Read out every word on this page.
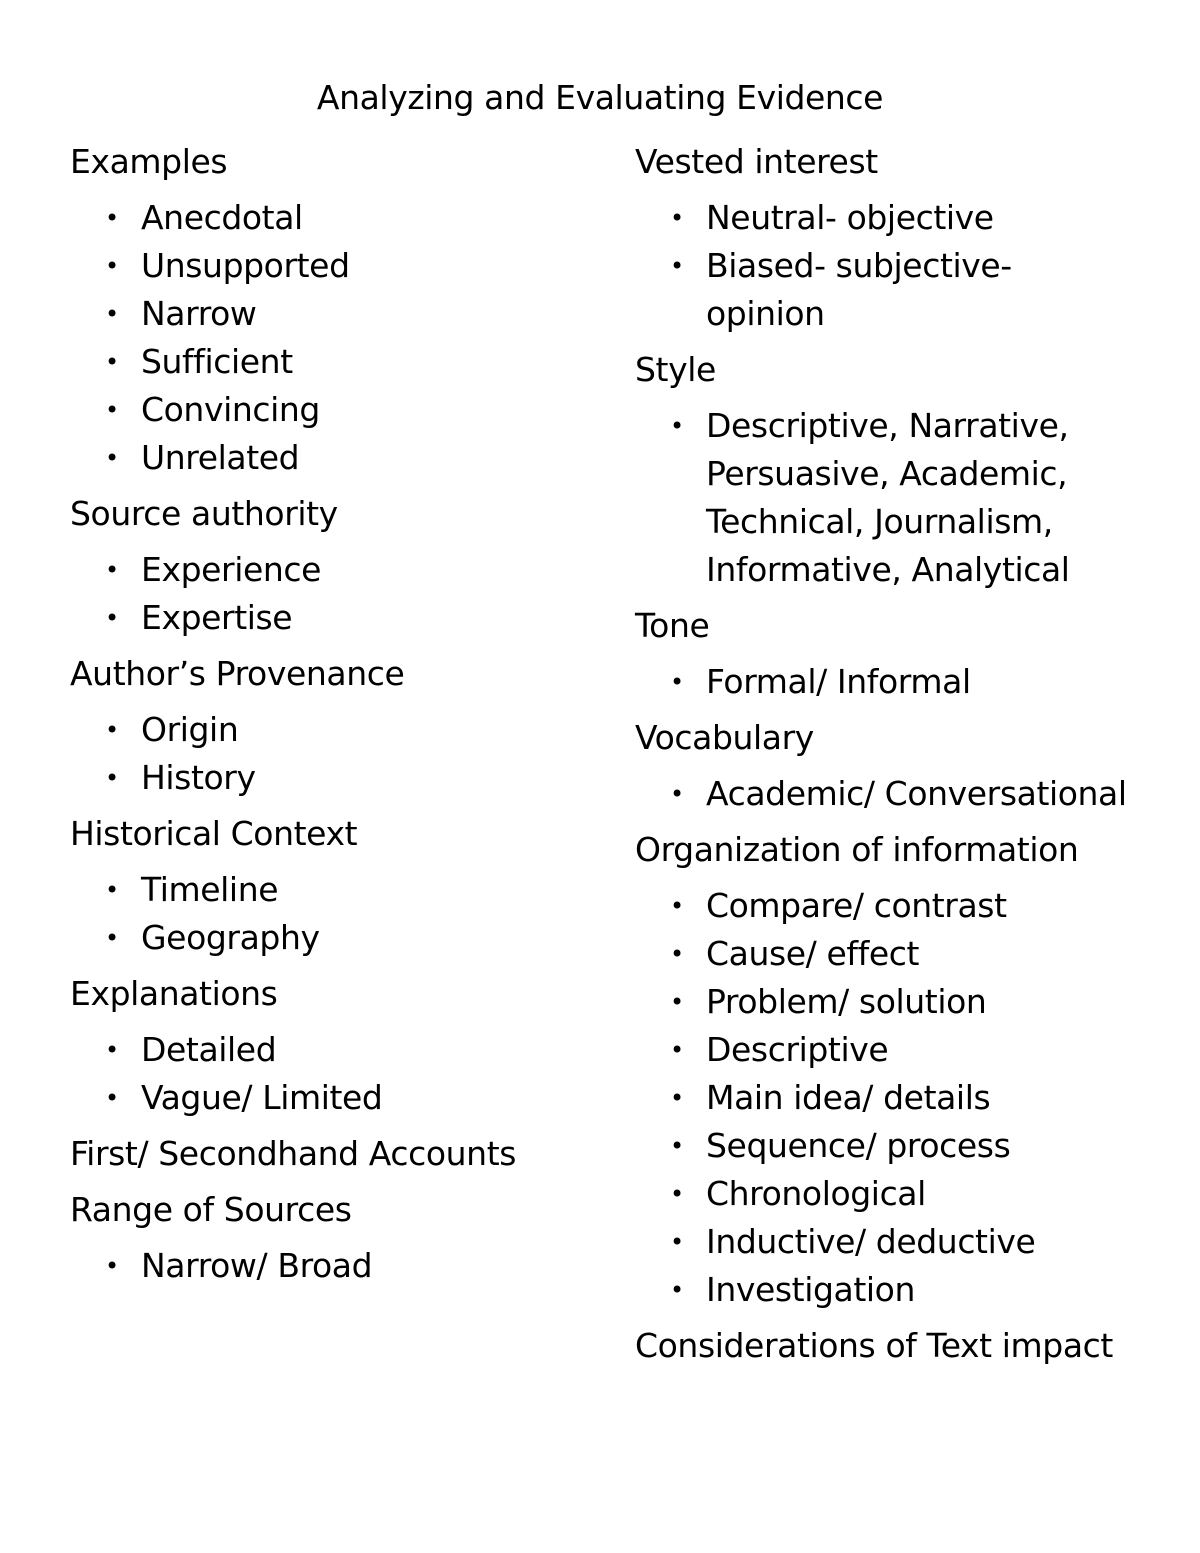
Analyzing and Evaluating Evidence
Examples
• Anecdotal
• Unsupported
• Narrow
• Sufficient
• Convincing
• Unrelated
Source authority
• Experience
• Expertise
Author’s Provenance
• Origin
• History
Historical Context
• Timeline
• Geography
Explanations
• Detailed
• Vague/ Limited
First/ Secondhand Accounts
Range of Sources
• Narrow/ Broad
Vested interest
• Neutral- objective
• Biased- subjective- opinion
Style
• Descriptive, Narrative, Persuasive, Academic, Technical, Journalism, Informative, Analytical
Tone
• Formal/ Informal
Vocabulary
• Academic/ Conversational
Organization of information
• Compare/ contrast
• Cause/ effect
• Problem/ solution
• Descriptive
• Main idea/ details
• Sequence/ process
• Chronological
• Inductive/ deductive
• Investigation
Considerations of Text impact
